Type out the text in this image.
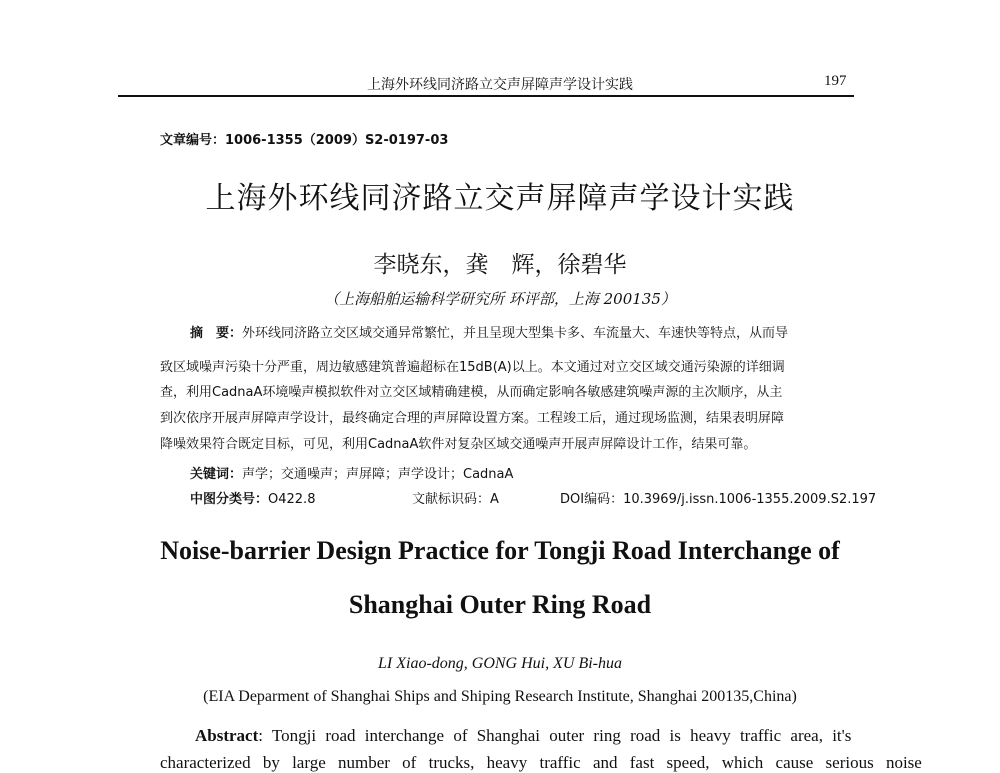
上海外环线同济路立交声屏障声学设计实践	197
文章编号：1006-1355（2009）S2-0197-03
上海外环线同济路立交声屏障声学设计实践
李晓东，龚　辉，徐碧华
（上海船舶运输科学研究所 环评部，上海 200135）
摘　要：外环线同济路立交区域交通异常繁忙，并且呈现大型集卡多、车流量大、车速快等特点，从而导
致区域噪声污染十分严重，周边敏感建筑普遍超标在15dB(A)以上。本文通过对立交区域交通污染源的详细调
查，利用CadnaA环境噪声模拟软件对立交区域精确建模，从而确定影响各敏感建筑噪声源的主次顺序，从主
到次依序开展声屏障声学设计，最终确定合理的声屏障设置方案。工程竣工后，通过现场监测，结果表明屏障
降噪效果符合既定目标，可见，利用CadnaA软件对复杂区域交通噪声开展声屏障设计工作，结果可靠。
关键词：声学；交通噪声；声屏障；声学设计；CadnaA
中图分类号：O422.8	文献标识码：A	DOI编码：10.3969/j.issn.1006-1355.2009.S2.197
Noise-barrier Design Practice for Tongji Road Interchange of
Shanghai Outer Ring Road
LI Xiao-dong, GONG Hui, XU Bi-hua
(EIA Deparment of Shanghai Ships and Shiping Research Institute, Shanghai 200135,China)
Abstract: Tongji road interchange of Shanghai outer ring road is heavy traffic area, it's
characterized by large number of trucks, heavy traffic and fast speed, which cause serious noise
